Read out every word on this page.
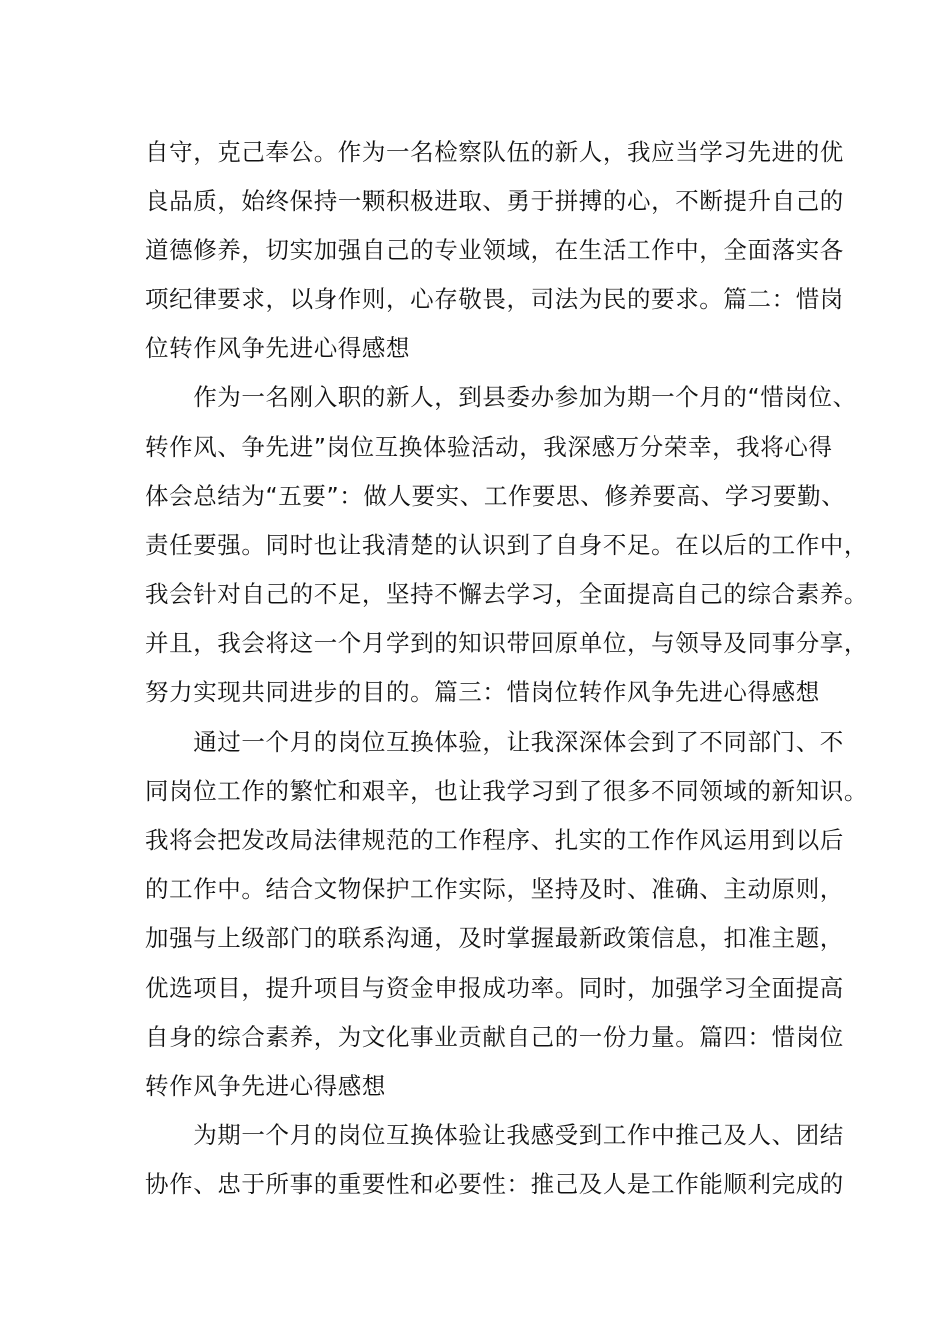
自守，克己奉公。作为一名检察队伍的新人，我应当学习先进的优
良品质，始终保持一颗积极进取、勇于拼搏的心，不断提升自己的
道德修养，切实加强自己的专业领域，在生活工作中，全面落实各
项纪律要求，以身作则，心存敬畏，司法为民的要求。篇二：惜岗
位转作风争先进心得感想
　　作为一名刚入职的新人，到县委办参加为期一个月的“惜岗位、
转作风、争先进”岗位互换体验活动，我深感万分荣幸，我将心得
体会总结为“五要”：做人要实、工作要思、修养要高、学习要勤、
责任要强。同时也让我清楚的认识到了自身不足。在以后的工作中，
我会针对自己的不足，坚持不懈去学习，全面提高自己的综合素养。
并且，我会将这一个月学到的知识带回原单位，与领导及同事分享，
努力实现共同进步的目的。篇三：惜岗位转作风争先进心得感想
　　通过一个月的岗位互换体验，让我深深体会到了不同部门、不
同岗位工作的繁忙和艰辛，也让我学习到了很多不同领域的新知识。
我将会把发改局法律规范的工作程序、扎实的工作作风运用到以后
的工作中。结合文物保护工作实际，坚持及时、准确、主动原则，
加强与上级部门的联系沟通，及时掌握最新政策信息，扣准主题，
优选项目，提升项目与资金申报成功率。同时，加强学习全面提高
自身的综合素养，为文化事业贡献自己的一份力量。篇四：惜岗位
转作风争先进心得感想
　　为期一个月的岗位互换体验让我感受到工作中推己及人、团结
协作、忠于所事的重要性和必要性：推己及人是工作能顺利完成的
